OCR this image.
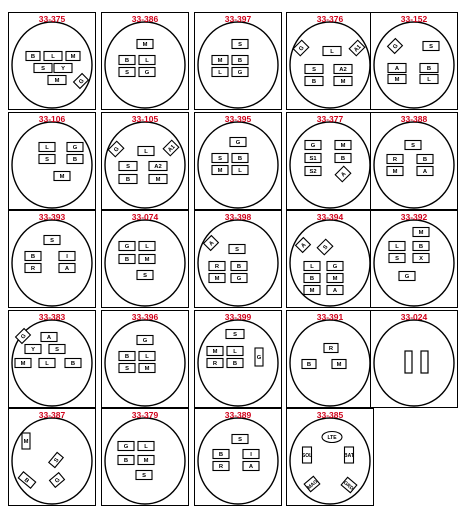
B	L	M
S	Y
M	G
33-375
M
B	L
S	G
33-386
S
M	B
L	G
33-397
G	L	A1
S	A2
B	M
33-376
G	S
A	B
M	L
33-152
L	G
S	B
M
33-106
G	L	A1
S	A2
B	M
33-105
G
S	B
M	L
33-395
G	M
S1	B
S2	A
33-377
S
R	B
M	A
33-388
S
B	I
R	A
33-393
G	L
B	M
S
33-074
A
S
R	B
M	G
33-398
A	S
L	G
B	M
M	A
33-394
M
L	B
S	X
G
33-392
G	A
Y	S
M	L	B
33-383
G
B	L
S	M
33-396
S
M	L
R	B
G
33-399
R
B	M
33-391	33-024
M
S
B	G
33-387
G	L
B	M
S
33-379
S
B	I
R	A
33-389
LTE
SOL	BAT
MAG	GRD
33-385
